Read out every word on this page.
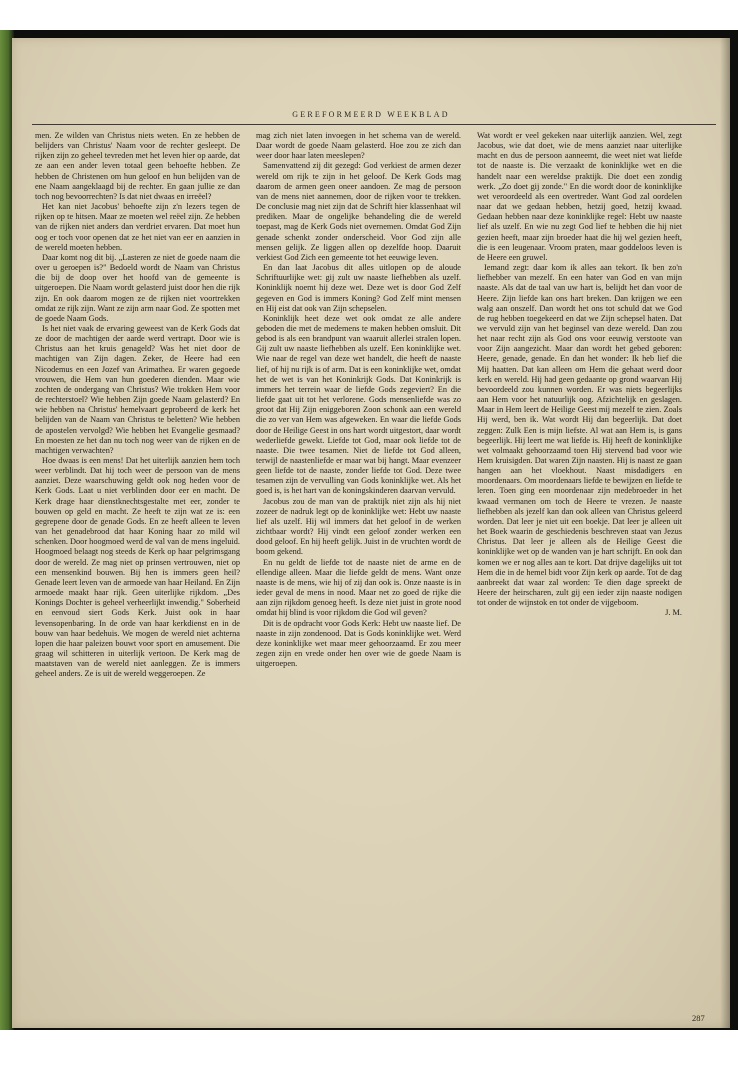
GEREFORMEERD WEEKBLAD

men. Ze wilden van Christus niets weten. En ze hebben de belijders van Christus' Naam voor de rechter gesleept. De rijken zijn zo geheel tevreden met het leven hier op aarde, dat ze aan een ander leven totaal geen behoefte hebben. Ze hebben de Christenen om hun geloof en hun belijden van de ene Naam aangeklaagd bij de rechter. En gaan jullie ze dan toch nog bevoorrechten? Is dat niet dwaas en irreëel?

Het kan niet Jacobus' behoefte zijn z'n lezers tegen de rijken op te hitsen. Maar ze moeten wel reëel zijn. Ze hebben van de rijken niet anders dan verdriet ervaren. Dat moet hun oog er toch voor openen dat ze het niet van eer en aanzien in de wereld moeten hebben.

Daar komt nog dit bij. „Lasteren ze niet de goede naam die over u geroepen is?" Bedoeld wordt de Naam van Christus die bij de doop over het hoofd van de gemeente is uitgeroepen. Die Naam wordt gelasterd juist door hen die rijk zijn. En ook daarom mogen ze de rijken niet voortrekken omdat ze rijk zijn. Want ze zijn arm naar God. Ze spotten met de goede Naam Gods.

Is het niet vaak de ervaring geweest van de Kerk Gods dat ze door de machtigen der aarde werd vertrapt. Door wie is Christus aan het kruis genageld? Was het niet door de machtigen van Zijn dagen. Zeker, de Heere had een Nicodemus en een Jozef van Arimathea. Er waren gegoede vrouwen, die Hem van hun goederen dienden. Maar wie zochten de ondergang van Christus? Wie trokken Hem voor de rechterstoel? Wie hebben Zijn goede Naam gelasterd? En wie hebben na Christus' hemelvaart geprobeerd de kerk het belijden van de Naam van Christus te beletten? Wie hebben de apostelen vervolgd? Wie hebben het Evangelie gesmaad? En moesten ze het dan nu toch nog weer van de rijken en de machtigen verwachten?

Hoe dwaas is een mens! Dat het uiterlijk aanzien hem toch weer verblindt. Dat hij toch weer de persoon van de mens aanziet. Deze waarschuwing geldt ook nog heden voor de Kerk Gods. Laat u niet verblinden door eer en macht. De Kerk drage haar dienstknechtsgestalte met eer, zonder te bouwen op geld en macht. Ze heeft te zijn wat ze is: een gegrepene door de genade Gods. En ze heeft alleen te leven van het genadebrood dat haar Koning haar zo mild wil schenken. Door hoogmoed werd de val van de mens ingeluid. Hoogmoed belaagt nog steeds de Kerk op haar pelgrimsgang door de wereld. Ze mag niet op prinsen vertrouwen, niet op een mensenkind bouwen. Bij hen is immers geen heil? Genade leert leven van de armoede van haar Heiland. En Zijn armoede maakt haar rijk. Geen uiterlijke rijkdom. „Des Konings Dochter is geheel verheerlijkt inwendig." Soberheid en eenvoud siert Gods Kerk. Juist ook in haar levensopenbaring. In de orde van haar kerkdienst en in de bouw van haar bedehuis. We mogen de wereld niet achterna lopen die haar paleizen bouwt voor sport en amusement. Die graag wil schitteren in uiterlijk vertoon. De Kerk mag de maatstaven van de wereld niet aanleggen. Ze is immers geheel anders. Ze is uit de wereld weggeroepen. Ze

mag zich niet laten invoegen in het schema van de wereld. Daar wordt de goede Naam gelasterd. Hoe zou ze zich dan weer door haar laten meeslepen?

Samenvattend zij dit gezegd: God verkiest de armen dezer wereld om rijk te zijn in het geloof. De Kerk Gods mag daarom de armen geen oneer aandoen. Ze mag de persoon van de mens niet aannemen, door de rijken voor te trekken. De conclusie mag niet zijn dat de Schrift hier klassenhaat wil prediken. Maar de ongelijke behandeling die de wereld toepast, mag de Kerk Gods niet overnemen. Omdat God Zijn genade schenkt zonder onderscheid. Voor God zijn alle mensen gelijk. Ze liggen allen op dezelfde hoop. Daaruit verkiest God Zich een gemeente tot het eeuwige leven.

En dan laat Jacobus dit alles uitlopen op de aloude Schriftuurlijke wet: gij zult uw naaste liefhebben als uzelf. Koninklijk noemt hij deze wet. Deze wet is door God Zelf gegeven en God is immers Koning? God Zelf mint mensen en Hij eist dat ook van Zijn schepselen.

Koninklijk heet deze wet ook omdat ze alle andere geboden die met de medemens te maken hebben omsluit. Dit gebod is als een brandpunt van waaruit allerlei stralen lopen. Gij zult uw naaste liefhebben als uzelf. Een koninklijke wet. Wie naar de regel van deze wet handelt, die heeft de naaste lief, of hij nu rijk is of arm. Dat is een koninklijke wet, omdat het de wet is van het Koninkrijk Gods. Dat Koninkrijk is immers het terrein waar de liefde Gods zegeviert? En die liefde gaat uit tot het verlorene. Gods mensenliefde was zo groot dat Hij Zijn eniggeboren Zoon schonk aan een wereld die zo ver van Hem was afgeweken. En waar die liefde Gods door de Heilige Geest in ons hart wordt uitgestort, daar wordt wederliefde gewekt. Liefde tot God, maar ook liefde tot de naaste. Die twee tesamen. Niet de liefde tot God alleen, terwijl de naastenliefde er maar wat bij hangt. Maar evenzeer geen liefde tot de naaste, zonder liefde tot God. Deze twee tesamen zijn de vervulling van Gods koninklijke wet. Als het goed is, is het hart van de koningskinderen daarvan vervuld.

Jacobus zou de man van de praktijk niet zijn als hij niet zozeer de nadruk legt op de koninklijke wet: Hebt uw naaste lief als uzelf. Hij wil immers dat het geloof in de werken zichtbaar wordt? Hij vindt een geloof zonder werken een dood geloof. En hij heeft gelijk. Juist in de vruchten wordt de boom gekend.

En nu geldt de liefde tot de naaste niet de arme en de ellendige alleen. Maar die liefde geldt de mens. Want onze naaste is de mens, wie hij of zij dan ook is. Onze naaste is in ieder geval de mens in nood. Maar net zo goed de rijke die aan zijn rijkdom genoeg heeft. Is deze niet juist in grote nood omdat hij blind is voor rijkdom die God wil geven?

Dit is de opdracht voor Gods Kerk: Hebt uw naaste lief. De naaste in zijn zondenood. Dat is Gods koninklijke wet. Werd deze koninklijke wet maar meer gehoorzaamd. Er zou meer zegen zijn en vrede onder hen over wie de goede Naam is uitgeroepen.

Wat wordt er veel gekeken naar uiterlijk aanzien. Wel, zegt Jacobus, wie dat doet, wie de mens aanziet naar uiterlijke macht en dus de persoon aanneemt, die weet niet wat liefde tot de naaste is. Die verzaakt de koninklijke wet en die handelt naar een wereldse praktijk. Die doet een zondig werk. „Zo doet gij zonde." En die wordt door de koninklijke wet veroordeeld als een overtreder. Want God zal oordelen naar dat we gedaan hebben, hetzij goed, hetzij kwaad. Gedaan hebben naar deze koninklijke regel: Hebt uw naaste lief als uzelf. En wie nu zegt God lief te hebben die hij niet gezien heeft, maar zijn broeder haat die hij wel gezien heeft, die is een leugenaar. Vroom praten, maar goddeloos leven is de Heere een gruwel.

Iemand zegt: daar kom ik alles aan tekort. Ik ben zo'n liefhebber van mezelf. En een hater van God en van mijn naaste. Als dat de taal van uw hart is, belijdt het dan voor de Heere. Zijn liefde kan ons hart breken. Dan krijgen we een walg aan onszelf. Dan wordt het ons tot schuld dat we God de rug hebben toegekeerd en dat we Zijn schepsel haten. Dat we vervuld zijn van het beginsel van deze wereld. Dan zou het naar recht zijn als God ons voor eeuwig verstoote van voor Zijn aangezicht. Maar dan wordt het gebed geboren: Heere, genade, genade. En dan het wonder: Ik heb lief die Mij haatten. Dat kan alleen om Hem die gehaat werd door kerk en wereld. Hij had geen gedaante op grond waarvan Hij bevoordeeld zou kunnen worden. Er was niets begeerlijks aan Hem voor het natuurlijk oog. Afzichtelijk en geslagen. Maar in Hem leert de Heilige Geest mij mezelf te zien. Zoals Hij werd, ben ik. Wat wordt Hij dan begeerlijk. Dat doet zeggen: Zulk Een is mijn liefste. Al wat aan Hem is, is gans begeerlijk. Hij leert me wat liefde is. Hij heeft de koninklijke wet volmaakt gehoorzaamd toen Hij stervend bad voor wie Hem kruisigden. Dat waren Zijn naasten. Hij is naast ze gaan hangen aan het vloekhout. Naast misdadigers en moordenaars. Om moordenaars liefde te bewijzen en liefde te leren. Toen ging een moordenaar zijn medebroeder in het kwaad vermanen om toch de Heere te vrezen. Je naaste liefhebben als jezelf kan dan ook alleen van Christus geleerd worden. Dat leer je niet uit een boekje. Dat leer je alleen uit het Boek waarin de geschiedenis beschreven staat van Jezus Christus. Dat leer je alleen als de Heilige Geest die koninklijke wet op de wanden van je hart schrijft. En ook dan komen we er nog alles aan te kort. Dat drijve dagelijks uit tot Hem die in de hemel bidt voor Zijn kerk op aarde. Tot de dag aanbreekt dat waar zal worden: Te dien dage spreekt de Heere der heirscharen, zult gij een ieder zijn naaste nodigen tot onder de wijnstok en tot onder de vijgeboom.

J. M.
287
